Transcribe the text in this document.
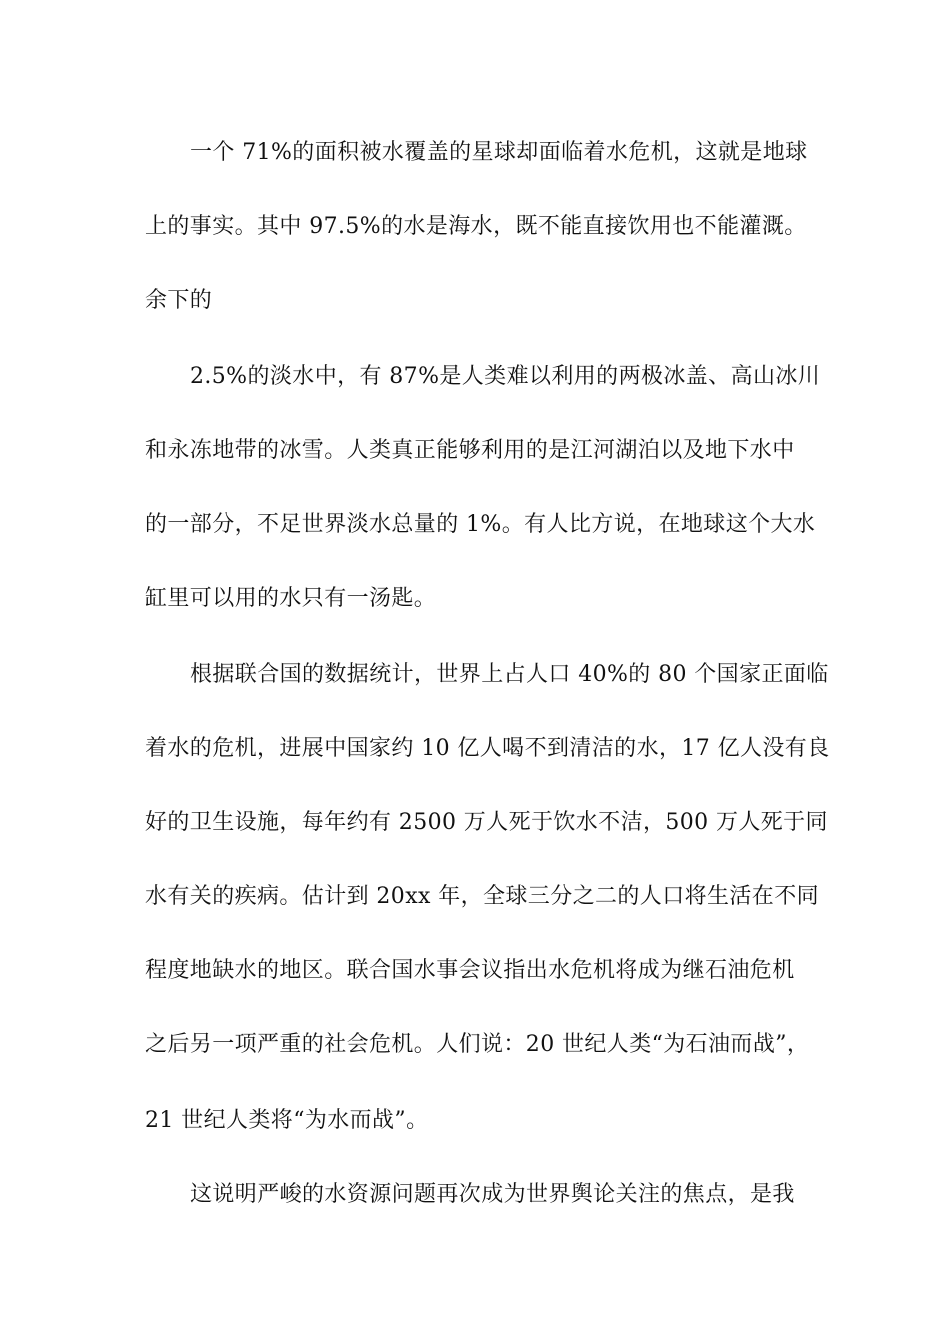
一个 71%的面积被水覆盖的星球却面临着水危机，这就是地球
上的事实。其中 97.5%的水是海水，既不能直接饮用也不能灌溉。
余下的
2.5%的淡水中，有 87%是人类难以利用的两极冰盖、高山冰川
和永冻地带的冰雪。人类真正能够利用的是江河湖泊以及地下水中
的一部分，不足世界淡水总量的 1%。有人比方说，在地球这个大水
缸里可以用的水只有一汤匙。
根据联合国的数据统计，世界上占人口 40%的 80 个国家正面临
着水的危机，进展中国家约 10 亿人喝不到清洁的水，17 亿人没有良
好的卫生设施，每年约有 2500 万人死于饮水不洁，500 万人死于同
水有关的疾病。估计到 20xx 年，全球三分之二的人口将生活在不同
程度地缺水的地区。联合国水事会议指出水危机将成为继石油危机
之后另一项严重的社会危机。人们说：20 世纪人类“为石油而战”，
21 世纪人类将“为水而战”。
这说明严峻的水资源问题再次成为世界舆论关注的焦点，是我
